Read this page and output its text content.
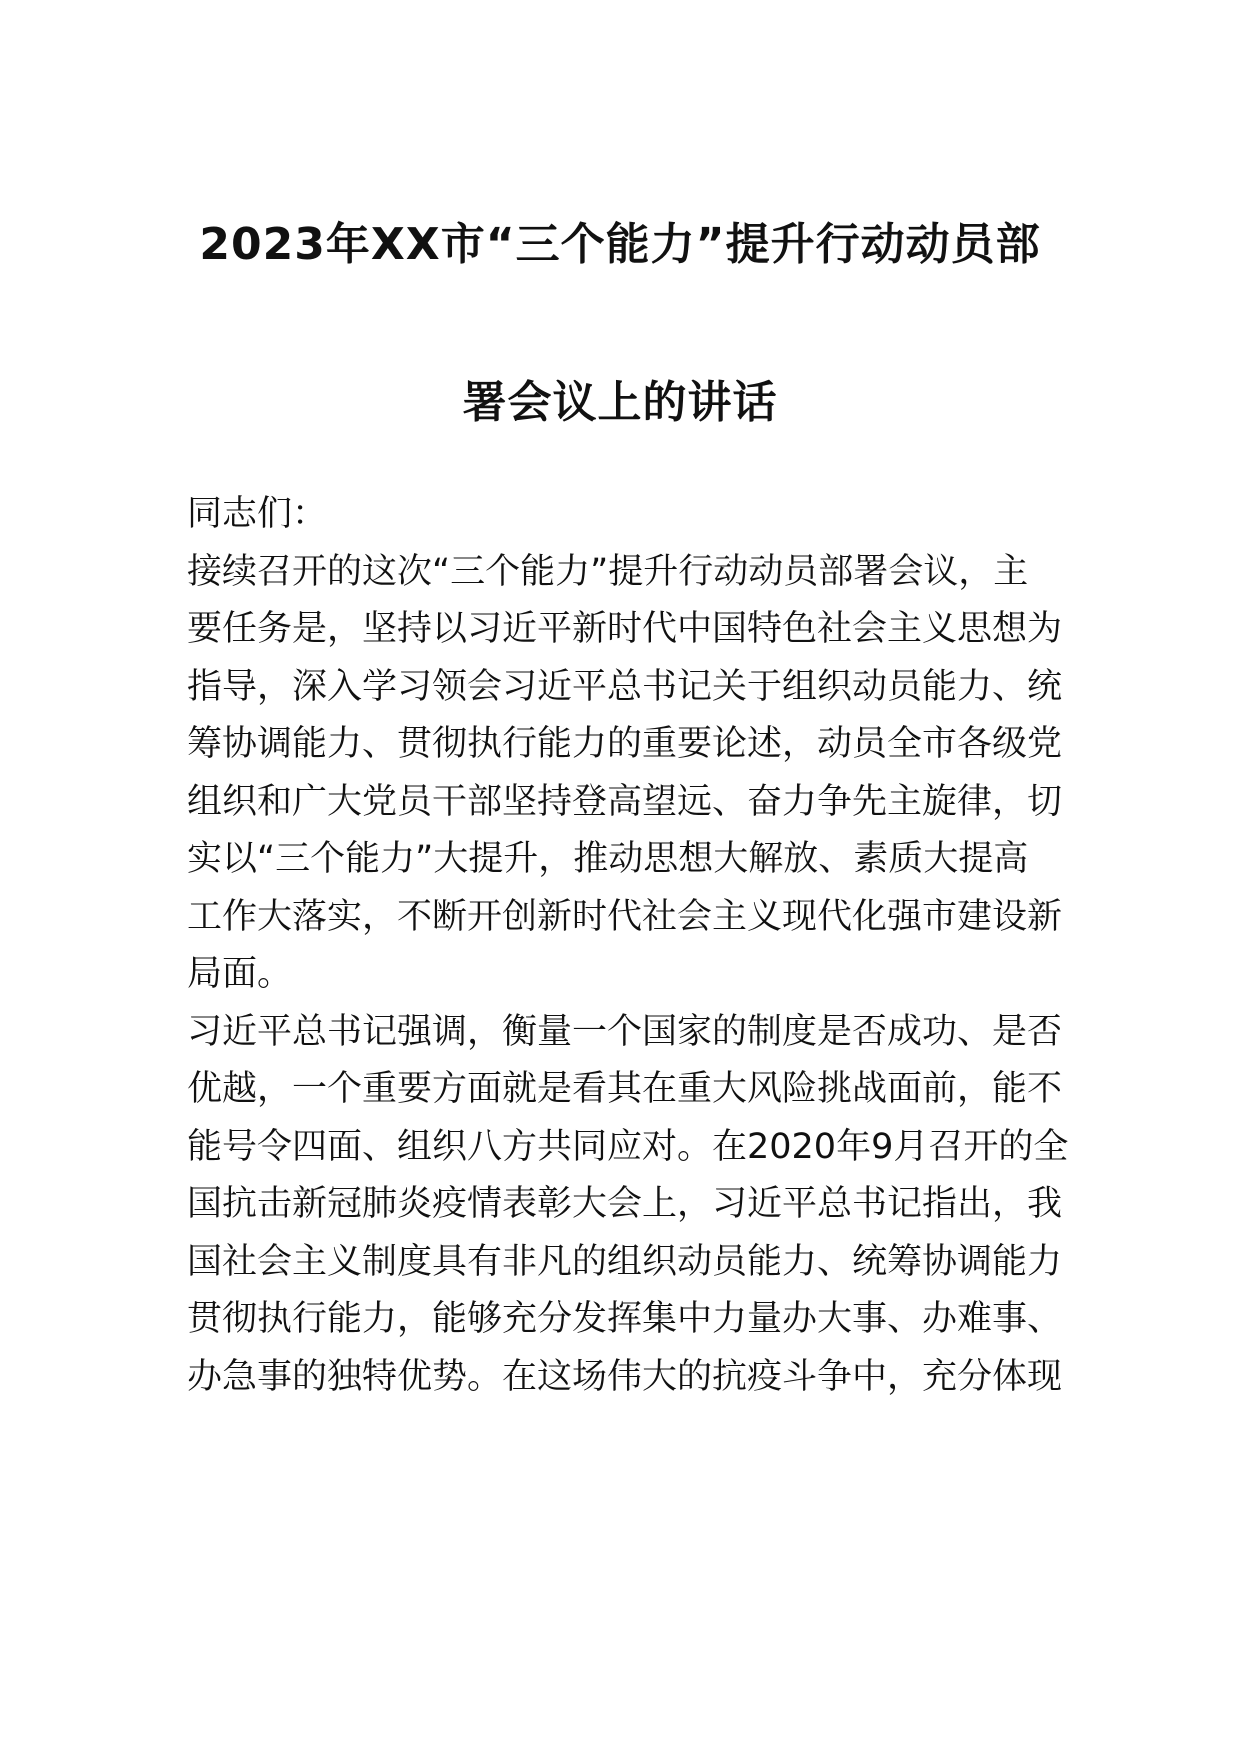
2023年XX市“三个能力”提升行动动员部
署会议上的讲话
同志们：
接续召开的这次“三个能力”提升行动动员部署会议，主
要任务是，坚持以习近平新时代中国特色社会主义思想为
指导，深入学习领会习近平总书记关于组织动员能力、统
筹协调能力、贯彻执行能力的重要论述，动员全市各级党
组织和广大党员干部坚持登高望远、奋力争先主旋律，切
实以“三个能力”大提升，推动思想大解放、素质大提高
工作大落实，不断开创新时代社会主义现代化强市建设新
局面。
习近平总书记强调，衡量一个国家的制度是否成功、是否
优越，一个重要方面就是看其在重大风险挑战面前，能不
能号令四面、组织八方共同应对。在2020年9月召开的全
国抗击新冠肺炎疫情表彰大会上，习近平总书记指出，我
国社会主义制度具有非凡的组织动员能力、统筹协调能力
贯彻执行能力，能够充分发挥集中力量办大事、办难事、
办急事的独特优势。在这场伟大的抗疫斗争中，充分体现
